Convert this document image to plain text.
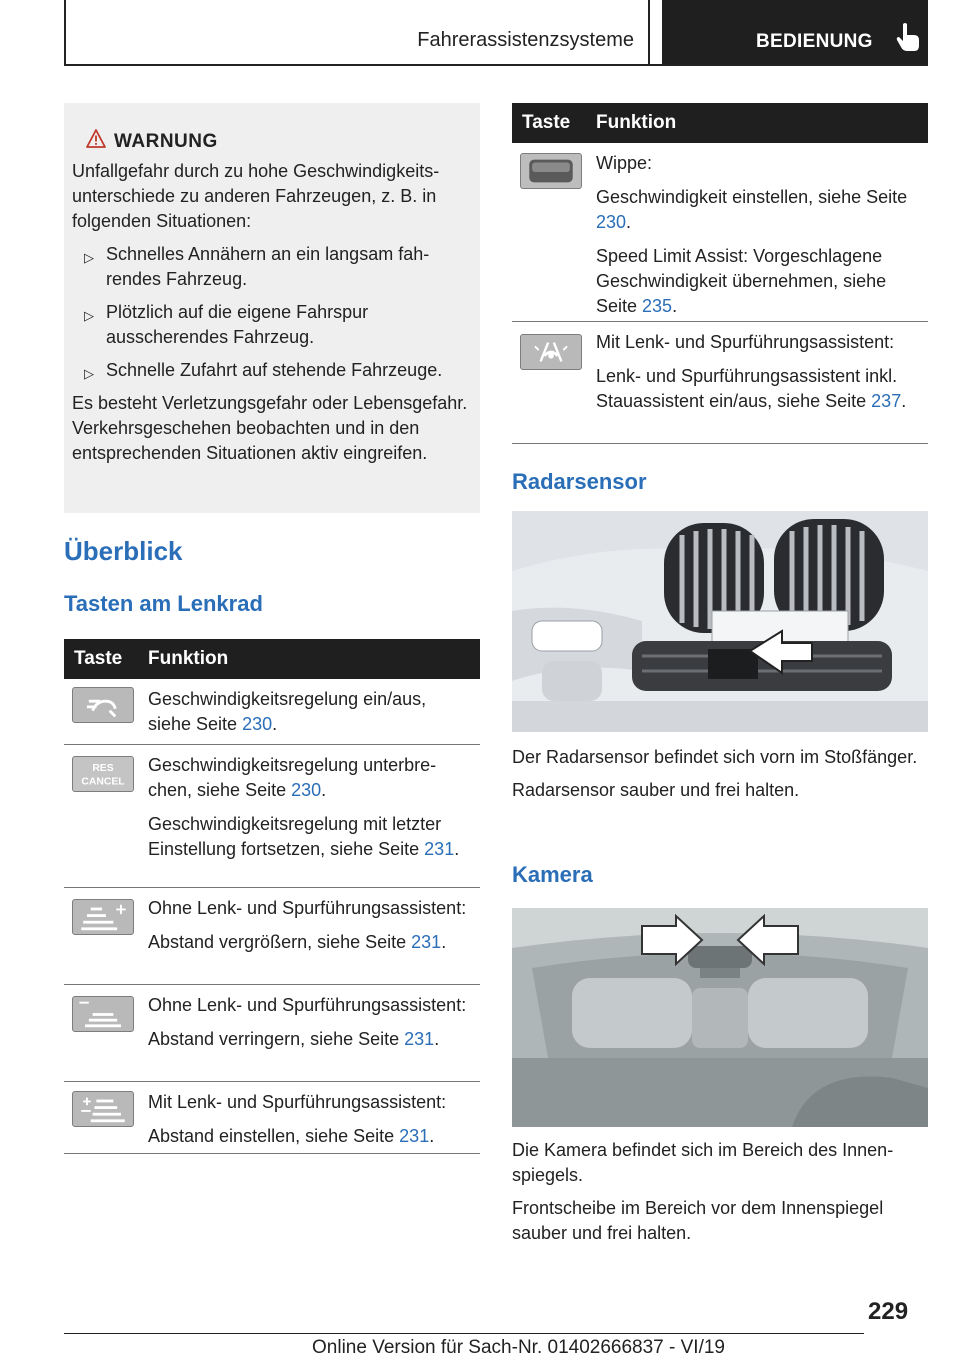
Fahrerassistenzsysteme	BEDIENUNG
WARNUNG

Unfallgefahr durch zu hohe Geschwindigkeitsunterschiede zu anderen Fahrzeugen, z. B. in folgenden Situationen:

▷ Schnelles Annähern an ein langsam fahrendes Fahrzeug.
▷ Plötzlich auf die eigene Fahrspur ausscherendes Fahrzeug.
▷ Schnelle Zufahrt auf stehende Fahrzeuge.

Es besteht Verletzungsgefahr oder Lebensgefahr. Verkehrsgeschehen beobachten und in den entsprechenden Situationen aktiv eingreifen.

Überblick
Tasten am Lenkrad
Taste Funktion

Geschwindigkeitsregelung ein/aus, siehe Seite 230.

RES
CANCEL

Geschwindigkeitsregelung unterbrechen, siehe Seite 230.

Geschwindigkeitsregelung mit letzter Einstellung fortsetzen, siehe Seite 231.

Ohne Lenk- und Spurführungsassistent:

Abstand vergrößern, siehe Seite 231.

Ohne Lenk- und Spurführungsassistent:

Abstand verringern, siehe Seite 231.

Mit Lenk- und Spurführungsassistent:

Abstand einstellen, siehe Seite 231.

Taste Funktion

Wippe:

Geschwindigkeit einstellen, siehe Seite 230.

Speed Limit Assist: Vorgeschlagene Geschwindigkeit übernehmen, siehe Seite 235.

Mit Lenk- und Spurführungsassistent:

Lenk- und Spurführungsassistent inkl. Stauassistent ein/aus, siehe Seite 237.

Radarsensor

Der Radarsensor befindet sich vorn im Stoßfänger.

Radarsensor sauber und frei halten.

Kamera

Die Kamera befindet sich im Bereich des Innenspiegels.

Frontscheibe im Bereich vor dem Innenspiegel sauber und frei halten.

229
Online Version für Sach-Nr. 01402666837 - VI/19
